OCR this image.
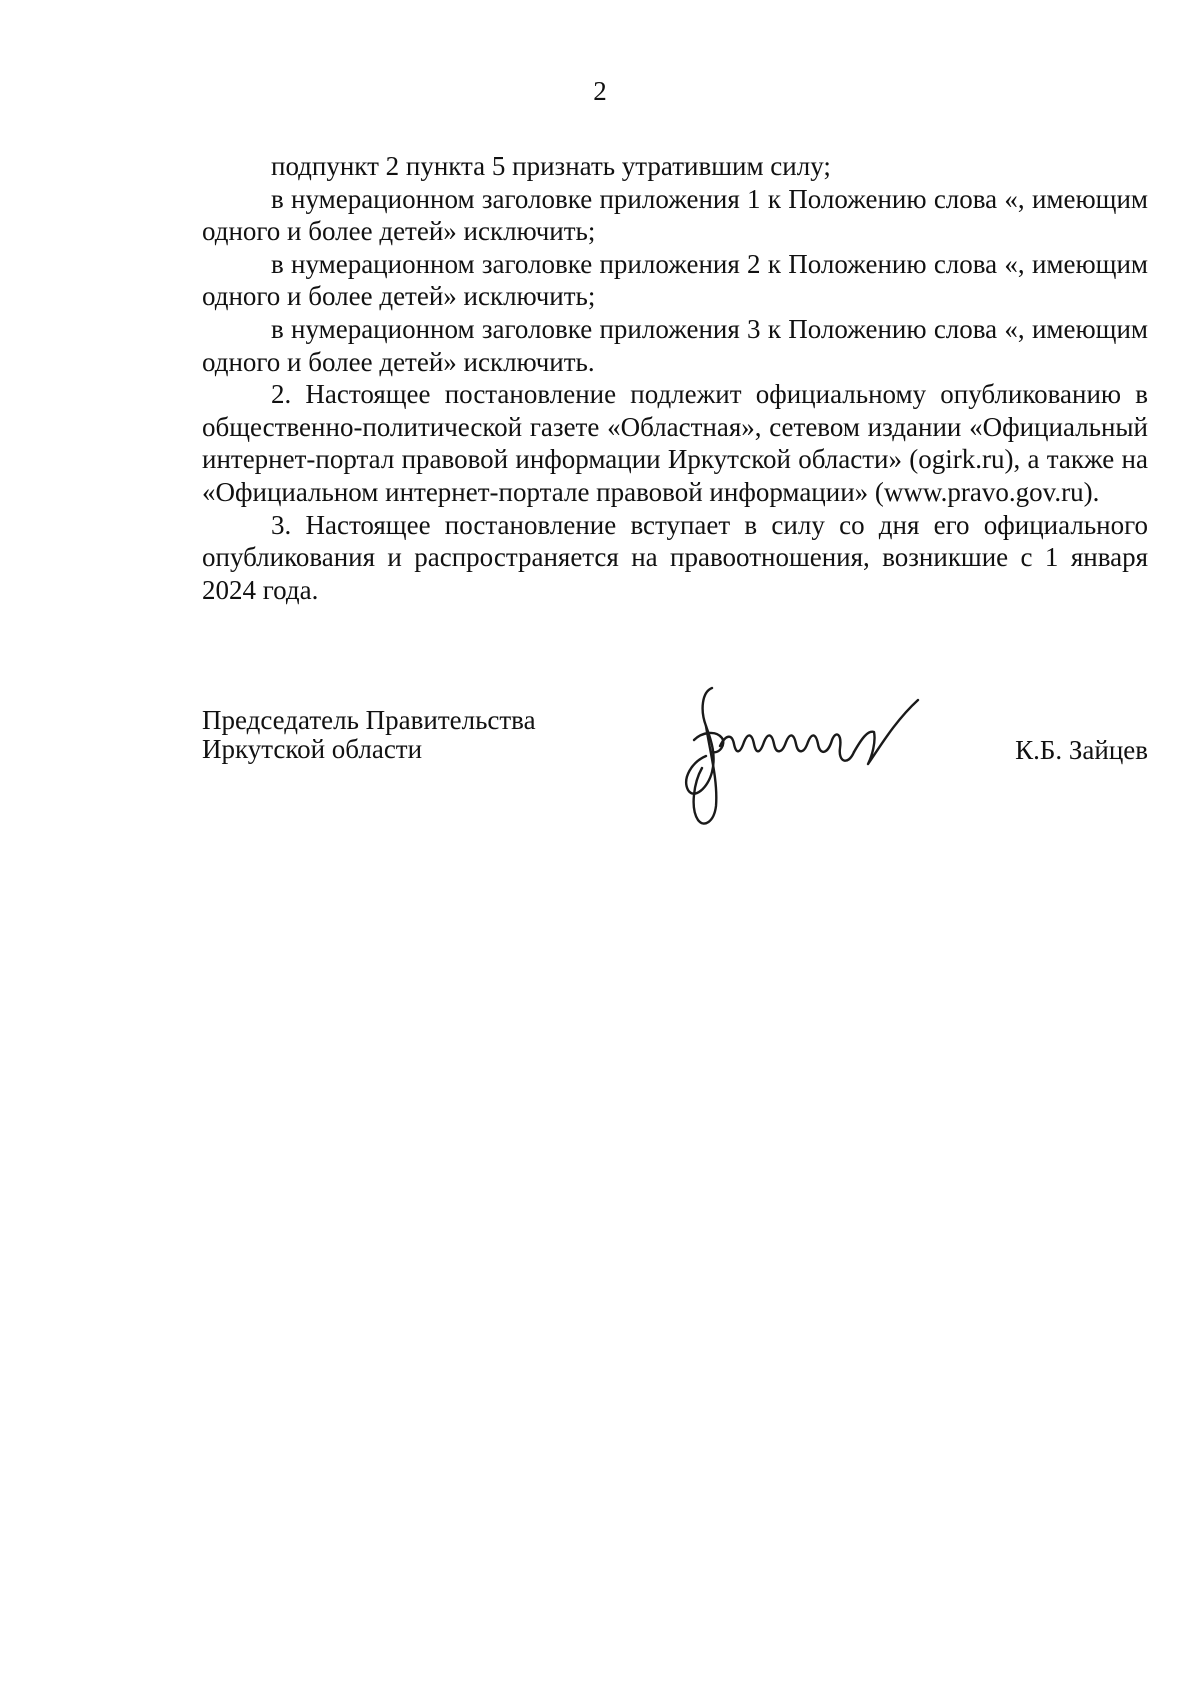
2

подпункт 2 пункта 5 признать утратившим силу;

в нумерационном заголовке приложения 1 к Положению слова «, имеющим одного и более детей» исключить;

в нумерационном заголовке приложения 2 к Положению слова «, имеющим одного и более детей» исключить;

в нумерационном заголовке приложения 3 к Положению слова «, имеющим одного и более детей» исключить.

2. Настоящее постановление подлежит официальному опубликованию в общественно-политической газете «Областная», сетевом издании «Официальный интернет-портал правовой информации Иркутской области» (ogirk.ru), а также на «Официальном интернет-портале правовой информации» (www.pravo.gov.ru).

3. Настоящее постановление вступает в силу со дня его официального опубликования и распространяется на правоотношения, возникшие с 1 января 2024 года.

Председатель Правительства
Иркутской области	К.Б. Зайцев
